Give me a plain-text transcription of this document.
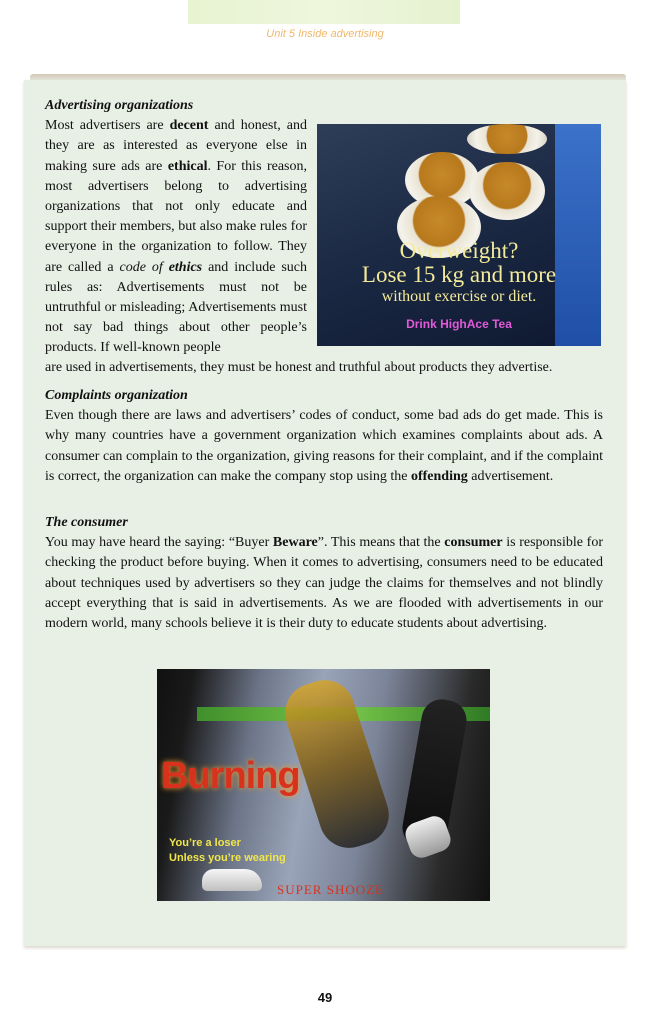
Unit 5 Inside advertising
Advertising organizations
Most advertisers are decent and honest, and they are as interested as everyone else in making sure ads are ethical. For this reason, most advertisers belong to advertising organizations that not only educate and support their members, but also make rules for everyone in the organization to follow. They are called a code of ethics and include such rules as: Advertisements must not be untruthful or misleading; Advertisements must not say bad things about other people’s products. If well-known people
are used in advertisements, they must be honest and truthful about products they advertise.
Overweight?
Lose 15 kg and more
without exercise or diet.
Drink HighAce Tea
Complaints organization
Even though there are laws and advertisers’ codes of conduct, some bad ads do get made. This is why many countries have a government organization which examines complaints about ads. A consumer can complain to the organization, giving reasons for their complaint, and if the complaint is correct, the organization can make the company stop using the offending advertisement.
The consumer
You may have heard the saying: “Buyer Beware”. This means that the consumer is responsible for checking the product before buying. When it comes to advertising, consumers need to be educated about techniques used by advertisers so they can judge the claims for themselves and not blindly accept everything that is said in advertisements. As we are flooded with advertisements in our modern world, many schools believe it is their duty to educate students about advertising.
Burning
You’re a loser
Unless you’re wearing
SUPER SHOOZE
49
